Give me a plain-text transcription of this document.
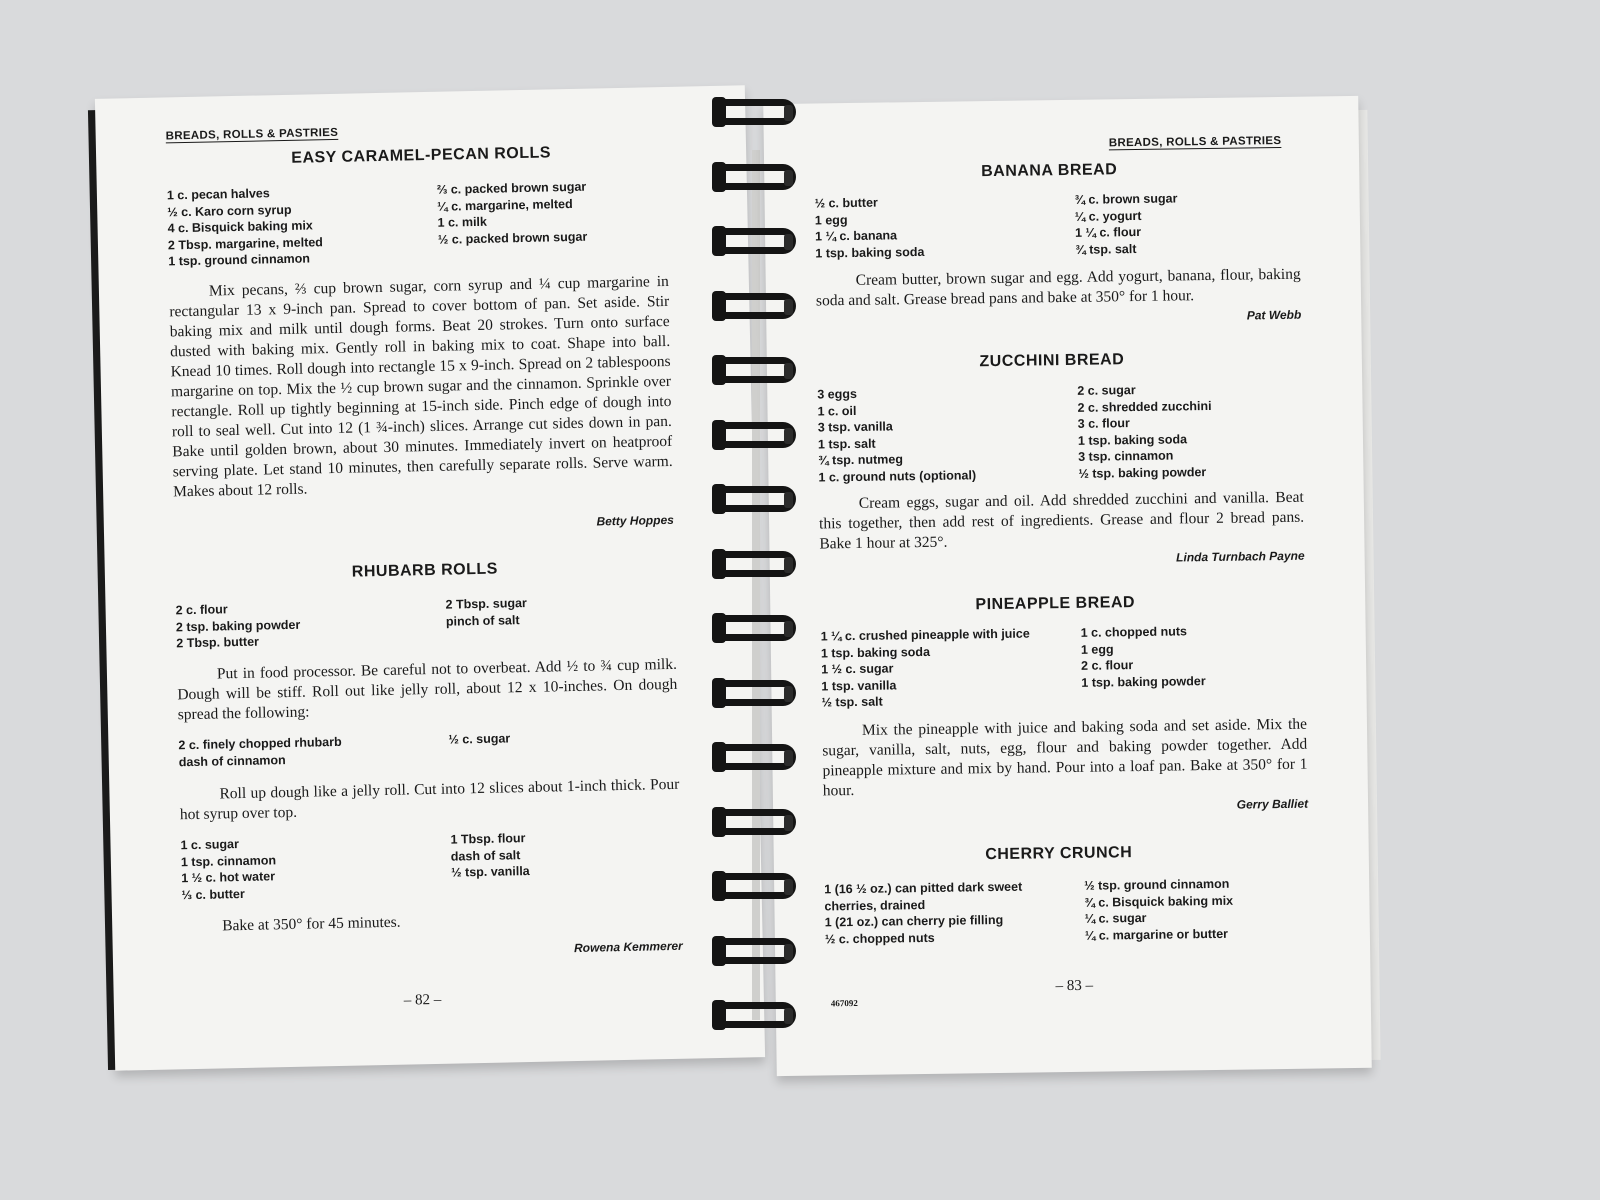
BREADS, ROLLS & PASTRIES
EASY CARAMEL-PECAN ROLLS
1 c. pecan halves
½ c. Karo corn syrup
4 c. Bisquick baking mix
2 Tbsp. margarine, melted
1 tsp. ground cinnamon
⅔ c. packed brown sugar
¼ c. margarine, melted
1 c. milk
½ c. packed brown sugar
Mix pecans, ⅔ cup brown sugar, corn syrup and ¼ cup margarine in rectangular 13 x 9-inch pan. Spread to cover bottom of pan. Set aside. Stir baking mix and milk until dough forms. Beat 20 strokes. Turn onto surface dusted with baking mix. Gently roll in baking mix to coat. Shape into ball. Knead 10 times. Roll dough into rectangle 15 x 9-inch. Spread on 2 tablespoons margarine on top. Mix the ½ cup brown sugar and the cinnamon. Sprinkle over rectangle. Roll up tightly beginning at 15-inch side. Pinch edge of dough into roll to seal well. Cut into 12 (1 ¾-inch) slices. Arrange cut sides down in pan. Bake until golden brown, about 30 minutes. Immediately invert on heatproof serving plate. Let stand 10 minutes, then carefully separate rolls. Serve warm. Makes about 12 rolls.
Betty Hoppes
RHUBARB ROLLS
2 c. flour
2 tsp. baking powder
2 Tbsp. butter
2 Tbsp. sugar
pinch of salt
Put in food processor. Be careful not to overbeat. Add ½ to ¾ cup milk. Dough will be stiff. Roll out like jelly roll, about 12 x 10-inches. On dough spread the following:
2 c. finely chopped rhubarb
dash of cinnamon
½ c. sugar
Roll up dough like a jelly roll. Cut into 12 slices about 1-inch thick. Pour hot syrup over top.
1 c. sugar
1 tsp. cinnamon
1 ½ c. hot water
⅓ c. butter
1 Tbsp. flour
dash of salt
½ tsp. vanilla
Bake at 350° for 45 minutes.
Rowena Kemmerer
– 82 –
BREADS, ROLLS & PASTRIES
BANANA BREAD
½ c. butter
1 egg
1 ¼ c. banana
1 tsp. baking soda
¾ c. brown sugar
¼ c. yogurt
1 ¼ c. flour
¾ tsp. salt
Cream butter, brown sugar and egg. Add yogurt, banana, flour, baking soda and salt. Grease bread pans and bake at 350° for 1 hour.
Pat Webb
ZUCCHINI BREAD
3 eggs
1 c. oil
3 tsp. vanilla
1 tsp. salt
¾ tsp. nutmeg
1 c. ground nuts (optional)
2 c. sugar
2 c. shredded zucchini
3 c. flour
1 tsp. baking soda
3 tsp. cinnamon
½ tsp. baking powder
Cream eggs, sugar and oil. Add shredded zucchini and vanilla. Beat this together, then add rest of ingredients. Grease and flour 2 bread pans. Bake 1 hour at 325°.
Linda Turnbach Payne
PINEAPPLE BREAD
1 ¼ c. crushed pineapple with juice
1 tsp. baking soda
1 ½ c. sugar
1 tsp. vanilla
½ tsp. salt
1 c. chopped nuts
1 egg
2 c. flour
1 tsp. baking powder
Mix the pineapple with juice and baking soda and set aside. Mix the sugar, vanilla, salt, nuts, egg, flour and baking powder together. Add pineapple mixture and mix by hand. Pour into a loaf pan. Bake at 350° for 1 hour.
Gerry Balliet
CHERRY CRUNCH
1 (16 ½ oz.) can pitted dark sweet
cherries, drained
1 (21 oz.) can cherry pie filling
½ c. chopped nuts
½ tsp. ground cinnamon
¾ c. Bisquick baking mix
¼ c. sugar
¼ c. margarine or butter
467092
– 83 –
